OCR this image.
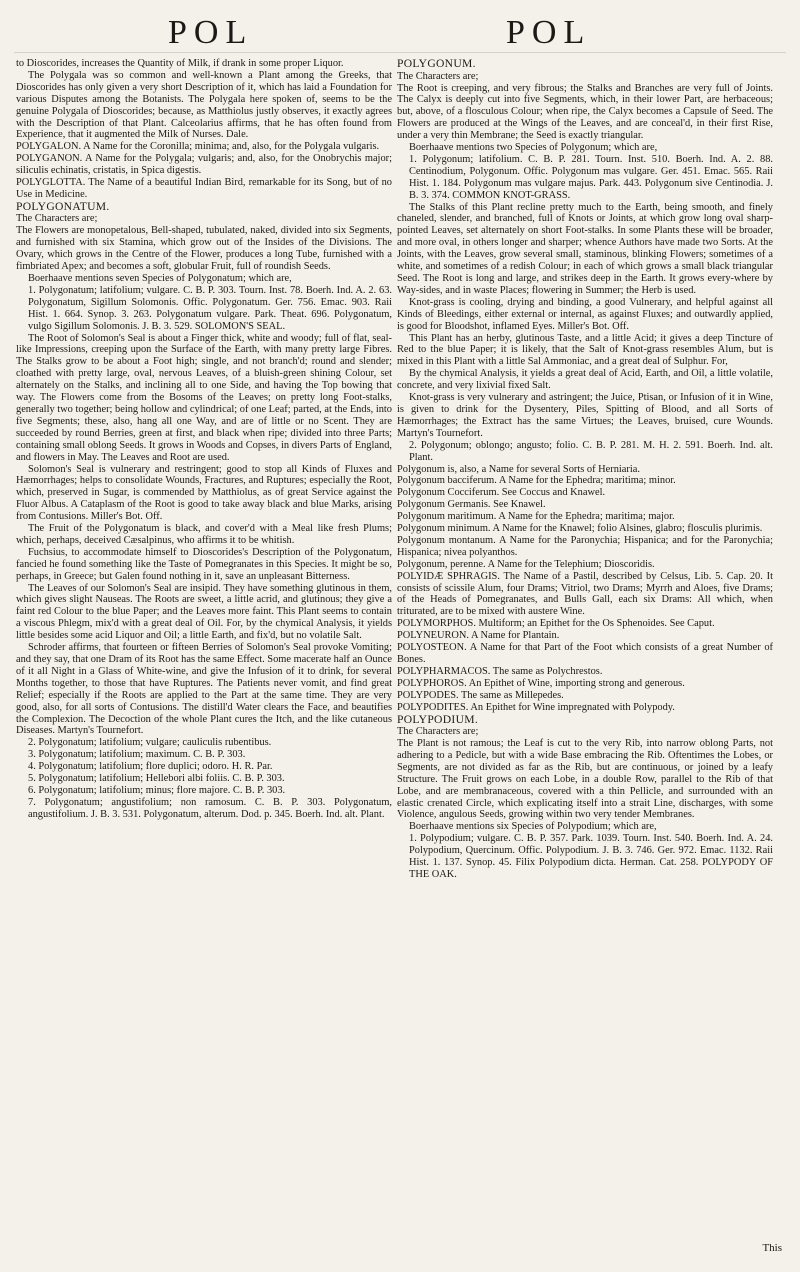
POL	POL

to Dioscorides, increases the Quantity of Milk, if drank in some proper Liquor.

The Polygala was so common and well-known a Plant among the Greeks, that Dioscorides has only given a very short Description of it, which has laid a Foundation for various Disputes among the Botanists. The Polygala here spoken of, seems to be the genuine Polygala of Dioscorides; because, as Matthiolus justly observes, it exactly agrees with the Description of that Plant. Calceolarius affirms, that he has often found from Experience, that it augmented the Milk of Nurses. Dale.

POLYGALON. A Name for the Coronilla; minima; and, also, for the Polygala vulgaris.

POLYGANON. A Name for the Polygala; vulgaris; and, also, for the Onobrychis major; siliculis echinatis, cristatis, in Spica digestis.

POLYGLOTTA. The Name of a beautiful Indian Bird, remarkable for its Song, but of no Use in Medicine.

POLYGONATUM.

The Characters are;

The Flowers are monopetalous, Bell-shaped, tubulated, naked, divided into six Segments, and furnished with six Stamina, which grow out of the Insides of the Divisions. The Ovary, which grows in the Centre of the Flower, produces a long Tube, furnished with a fimbriated Apex; and becomes a soft, globular Fruit, full of roundish Seeds.

Boerhaave mentions seven Species of Polygonatum; which are,

1. Polygonatum; latifolium; vulgare. C. B. P. 303. Tourn. Inst. 78. Boerh. Ind. A. 2. 63. Polygonatum, Sigillum Solomonis. Offic. Polygonatum. Ger. 756. Emac. 903. Raii Hist. 1. 664. Synop. 3. 263. Polygonatum vulgare. Park. Theat. 696. Polygonatum, vulgo Sigillum Solomonis. J. B. 3. 529. SOLOMON'S SEAL.

The Root of Solomon's Seal is about a Finger thick, white and woody; full of flat, seal-like Impressions, creeping upon the Surface of the Earth, with many pretty large Fibres. The Stalks grow to be about a Foot high; single, and not branch'd; round and slender; cloathed with pretty large, oval, nervous Leaves, of a bluish-green shining Colour, set alternately on the Stalks, and inclining all to one Side, and having the Top bowing that way. The Flowers come from the Bosoms of the Leaves; on pretty long Foot-stalks, generally two together; being hollow and cylindrical; of one Leaf; parted, at the Ends, into five Segments; these, also, hang all one Way, and are of little or no Scent. They are succeeded by round Berries, green at first, and black when ripe; divided into three Parts; containing small oblong Seeds. It grows in Woods and Copses, in divers Parts of England, and flowers in May. The Leaves and Root are used.

Solomon's Seal is vulnerary and restringent; good to stop all Kinds of Fluxes and Hæmorrhages; helps to consolidate Wounds, Fractures, and Ruptures; especially the Root, which, preserved in Sugar, is commended by Matthiolus, as of great Service against the Fluor Albus. A Cataplasm of the Root is good to take away black and blue Marks, arising from Contusions. Miller's Bot. Off.

The Fruit of the Polygonatum is black, and cover'd with a Meal like fresh Plums; which, perhaps, deceived Cæsalpinus, who affirms it to be whitish.

Fuchsius, to accommodate himself to Dioscorides's Description of the Polygonatum, fancied he found something like the Taste of Pomegranates in this Species. It might be so, perhaps, in Greece; but Galen found nothing in it, save an unpleasant Bitterness.

The Leaves of our Solomon's Seal are insipid. They have something glutinous in them, which gives slight Nauseas. The Roots are sweet, a little acrid, and glutinous; they give a faint red Colour to the blue Paper; and the Leaves more faint. This Plant seems to contain a viscous Phlegm, mix'd with a great deal of Oil. For, by the chymical Analysis, it yields little besides some acid Liquor and Oil; a little Earth, and fix'd, but no volatile Salt.

Schroder affirms, that fourteen or fifteen Berries of Solomon's Seal provoke Vomiting; and they say, that one Dram of its Root has the same Effect. Some macerate half an Ounce of it all Night in a Glass of White-wine, and give the Infusion of it to drink, for several Months together, to those that have Ruptures. The Patients never vomit, and find great Relief; especially if the Roots are applied to the Part at the same time. They are very good, also, for all sorts of Contusions. The distill'd Water clears the Face, and beautifies the Complexion. The Decoction of the whole Plant cures the Itch, and the like cutaneous Diseases. Martyn's Tournefort.

2. Polygonatum; latifolium; vulgare; cauliculis rubentibus.

3. Polygonatum; latifolium; maximum. C. B. P. 303.

4. Polygonatum; latifolium; flore duplici; odoro. H. R. Par.

5. Polygonatum; latifolium; Hellebori albi foliis. C. B. P. 303.

6. Polygonatum; latifolium; minus; flore majore. C. B. P. 303.

7. Polygonatum; angustifolium; non ramosum. C. B. P. 303. Polygonatum, angustifolium. J. B. 3. 531. Polygonatum, alterum. Dod. p. 345. Boerh. Ind. alt. Plant.

POLYGONUM.

The Characters are;

The Root is creeping, and very fibrous; the Stalks and Branches are very full of Joints. The Calyx is deeply cut into five Segments, which, in their lower Part, are herbaceous; but, above, of a flosculous Colour; when ripe, the Calyx becomes a Capsule of Seed. The Flowers are produced at the Wings of the Leaves, and are conceal'd, in their first Rise, under a very thin Membrane; the Seed is exactly triangular.

Boerhaave mentions two Species of Polygonum; which are,

1. Polygonum; latifolium. C. B. P. 281. Tourn. Inst. 510. Boerh. Ind. A. 2. 88. Centinodium, Polygonum. Offic. Polygonum mas vulgare. Ger. 451. Emac. 565. Raii Hist. 1. 184. Polygonum mas vulgare majus. Park. 443. Polygonum sive Centinodia. J. B. 3. 374. COMMON KNOT-GRASS.

The Stalks of this Plant recline pretty much to the Earth, being smooth, and finely chaneled, slender, and branched, full of Knots or Joints, at which grow long oval sharp-pointed Leaves, set alternately on short Foot-stalks. In some Plants these will be broader, and more oval, in others longer and sharper; whence Authors have made two Sorts. At the Joints, with the Leaves, grow several small, staminous, blinking Flowers; sometimes of a white, and sometimes of a redish Colour; in each of which grows a small black triangular Seed. The Root is long and large, and strikes deep in the Earth. It grows every-where by Way-sides, and in waste Places; flowering in Summer; the Herb is used.

Knot-grass is cooling, drying and binding, a good Vulnerary, and helpful against all Kinds of Bleedings, either external or internal, as against Fluxes; and outwardly applied, is good for Bloodshot, inflamed Eyes. Miller's Bot. Off.

This Plant has an herby, glutinous Taste, and a little Acid; it gives a deep Tincture of Red to the blue Paper; it is likely, that the Salt of Knot-grass resembles Alum, but is mixed in this Plant with a little Sal Ammoniac, and a great deal of Sulphur. For,

By the chymical Analysis, it yields a great deal of Acid, Earth, and Oil, a little volatile, concrete, and very lixivial fixed Salt.

Knot-grass is very vulnerary and astringent; the Juice, Ptisan, or Infusion of it in Wine, is given to drink for the Dysentery, Piles, Spitting of Blood, and all Sorts of Hæmorrhages; the Extract has the same Virtues; the Leaves, bruised, cure Wounds. Martyn's Tournefort.

2. Polygonum; oblongo; angusto; folio. C. B. P. 281. M. H. 2. 591. Boerh. Ind. alt. Plant.

Polygonum is, also, a Name for several Sorts of Herniaria.

Polygonum bacciferum. A Name for the Ephedra; maritima; minor.

Polygonum Cocciferum. See Coccus and Knawel.

Polygonum Germanis. See Knawel.

Polygonum maritimum. A Name for the Ephedra; maritima; major.

Polygonum minimum. A Name for the Knawel; folio Alsines, glabro; flosculis plurimis.

Polygonum montanum. A Name for the Paronychia; Hispanica; and for the Paronychia; Hispanica; nivea polyanthos.

Polygonum, perenne. A Name for the Telephium; Dioscoridis.

POLYIDÆ SPHRAGIS. The Name of a Pastil, described by Celsus, Lib. 5. Cap. 20. It consists of scissile Alum, four Drams; Vitriol, two Drams; Myrrh and Aloes, five Drams; of the Heads of Pomegranates, and Bulls Gall, each six Drams: All which, when triturated, are to be mixed with austere Wine.

POLYMORPHOS. Multiform; an Epithet for the Os Sphenoides. See Caput.

POLYNEURON. A Name for Plantain.

POLYOSTEON. A Name for that Part of the Foot which consists of a great Number of Bones.

POLYPHARMACOS. The same as Polychrestos.

POLYPHOROS. An Epithet of Wine, importing strong and generous.

POLYPODES. The same as Millepedes.

POLYPODITES. An Epithet for Wine impregnated with Polypody.

POLYPODIUM.

The Characters are;

The Plant is not ramous; the Leaf is cut to the very Rib, into narrow oblong Parts, not adhering to a Pedicle, but with a wide Base embracing the Rib. Oftentimes the Lobes, or Segments, are not divided as far as the Rib, but are continuous, or joined by a leafy Structure. The Fruit grows on each Lobe, in a double Row, parallel to the Rib of that Lobe, and are membranaceous, covered with a thin Pellicle, and surrounded with an elastic crenated Circle, which explicating itself into a strait Line, discharges, with some Violence, angulous Seeds, growing within two very tender Membranes.

Boerhaave mentions six Species of Polypodium; which are,

1. Polypodium; vulgare. C. B. P. 357. Park. 1039. Tourn. Inst. 540. Boerh. Ind. A. 24. Polypodium, Quercinum. Offic. Polypodium. J. B. 3. 746. Ger. 972. Emac. 1132. Raii Hist. 1. 137. Synop. 45. Filix Polypodium dicta. Herman. Cat. 258. POLYPODY OF THE OAK.

This
